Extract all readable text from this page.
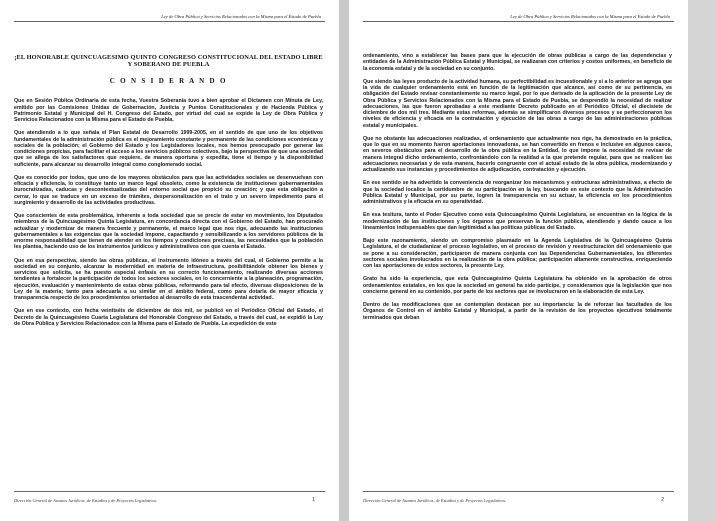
Ley de Obra Pública y Servicios Relacionados con la Misma para el Estado de Puebla

¡EL HONORABLE QUINCUAGESIMO QUINTO CONGRESO CONSTITUCIONAL DEL ESTADO LIBRE Y SOBERANO DE PUEBLA

C O N S I D E R A N D O

Que en Sesión Pública Ordinaria de esta fecha, Vuestra Soberanía tuvo a bien aprobar el Dictamen con Minuta de Ley, emitido por las Comisiones Unidas de Gobernación, Justicia y Puntos Constitucionales y de Hacienda Pública y Patrimonio Estatal y Municipal del H. Congreso del Estado, por virtud del cual se expide la Ley de Obra Pública y Servicios Relacionados con la Misma para el Estado de Puebla.

Que atendiendo a lo que señala el Plan Estatal de Desarrollo 1999-2005, en el sentido de que uno de los objetivos fundamentales de la administración pública es el mejoramiento constante y permanente de las condiciones económicas y sociales de la población; el Gobierno del Estado y los Legisladores locales, nos hemos preocupado por generar las condiciones propicias, para facilitar el acceso a los servicios públicos colectivos, bajo la perspectiva de que una sociedad que se allega de los satisfactores que requiere, de manera oportuna y expedita, tiene el tiempo y la disponibilidad suficiente, para alcanzar su desarrollo integral como conglomerado social.

Que es conocido por todos, que uno de los mayores obstáculos para que las actividades sociales se desenvuelvan con eficacia y eficiencia, lo constituye tanto un marco legal obsoleto, como la existencia de instituciones gubernamentales burocratizadas, caducas y descontextualizadas del entorno social que propició su creación; y que esta obligación a cerrar, lo que se traduce en un exceso de trámites, despersonalización en el trato y un severo impedimento para el surgimiento y desarrollo de las actividades productivas.

Que conscientes de esta problemática, inherente a toda sociedad que se precie de estar en movimiento, los Diputados miembros de la Quincuagésimo Quinta Legislatura, en concordancia directa con el Gobierno del Estado, han procurado actualizar y modernizar de manera frecuente y permanente, el marco legal que nos rige, adecuando las instituciones gubernamentales a las exigencias que la sociedad impone, capacitando y sensibilizando a los servidores públicos de la enorme responsabilidad que tienen de atender en los tiempos y condiciones precisas, las necesidades que la población les plantea, haciendo uso de los instrumentos jurídicos y administrativos con que cuenta el Estado.

Que en esa perspectiva, siendo las obras públicas, el instrumento idóneo a través del cual, el Gobierno permite a la sociedad en su conjunto, alcanzar la modernidad en materia de infraestructura, posibilitándole obtener los bienes y servicios que solicita, se ha puesto especial énfasis en su correcto funcionamiento, realizando diversas acciones tendientes a fortalecer la participación de todos los sectores sociales, en lo concerniente a la planeación, programación, ejecución, evaluación y mantenimiento de estas obras públicas, reformando para tal efecto, diversas disposiciones de la Ley de la materia; tanto para adecuarla a su similar en el ámbito federal, como para dotarla de mayor eficacia y transparencia respecto de los procedimientos orientados al desarrollo de esta trascendental actividad.

Que en ese contexto, con fecha veintiséis de diciembre de dos mil, se publicó en el Periódico Oficial del Estado, el Decreto de la Quincuagésimo Cuarta Legislatura del Honorable Congreso del Estado, a través del cual, se expidió la Ley de Obra Pública y Servicios Relacionados con la Misma para el Estado de Puebla. La expedición de este

Dirección General de Asuntos Jurídicos, de Estudios y de Proyectos Legislativos.	1
Ley de Obra Pública y Servicios Relacionados con la Misma para el Estado de Puebla

ordenamiento, vino a establecer las bases para que la ejecución de obras públicas a cargo de las dependencias y entidades de la Administración Pública Estatal y Municipal, se realizaran con criterios y costos uniformes, en beneficio de la economía estatal y de la sociedad en su conjunto.

Que siendo las leyes producto de la actividad humana, su perfectibilidad es incuestionable y si a lo anterior se agrega que la vida de cualquier ordenamiento está en función de la legitimación que alcance, así como de su pertinencia, es obligación del Estado revisar constantemente su marco legal, por lo que derivado de la aplicación de la presente Ley de Obra Pública y Servicios Relacionados con la Misma para el Estado de Puebla, se desprendió la necesidad de realizar adecuaciones, las que fueron aprobadas a este mediante Decreto publicado en el Periódico Oficial, el diecisiete de diciembre de dos mil tres. Mediante estas reformas, además se simplificaron diversos procesos y se perfeccionaron los niveles de eficiencia y eficacia en la contratación y ejecución de las obras a cargo de las administraciones públicas estatal y municipales.

Que no obstante las adecuaciones realizadas, el ordenamiento que actualmente nos rige, ha demostrado en la práctica, que lo que en su momento fueron aportaciones innovadoras, se han convertido en frenos e inclusive en algunos casos, en severos obstáculos para el desarrollo de la obra pública en la Entidad, lo que impone la necesidad de revisar de manera integral dicho ordenamiento, confrontándolo con la realidad a la que pretende regular, para que se realicen las adecuaciones necesarias y de esta manera, hacerlo congruente con el actual estado de la obra pública, modernizando y actualizando sus instancias y procedimientos de adjudicación, contratación y ejecución.

En ese sentido se ha advertido la conveniencia de reorganizar los mecanismos y estructuras administrativas, a efecto de que la sociedad localice la certidumbre de su participación en la ley, buscando en este contexto que la Administración Pública Estatal y Municipal, por su parte, logren la transparencia en su actuar, la eficiencia en los procedimientos administrativos y la eficacia en su operatividad.

En esa tesitura, tanto el Poder Ejecutivo como esta Quincuagésimo Quinta Legislatura, se encuentran en la lógica de la modernización de las instituciones y los órganos que preservan la función pública, atendiendo y dando cauce a los lineamientos indispensables que dan legitimidad a las políticas públicas del Estado.

Bajo este razonamiento, siendo un compromiso plasmado en la Agenda Legislativa de la Quincuagésimo Quinta Legislatura, el de ciudadanizar el proceso legislativo, en el proceso de revisión y reestructuración del ordenamiento que se pone a su consideración, participaron de manera conjunta con las Dependencias Gubernamentales, los diferentes sectores sociales involucrados en la realización de la obra pública; participación altamente constructiva, enriqueciendo con las aportaciones de estos sectores, la presente Ley.

Grato ha sido la experiencia, que esta Quincuagésimo Quinta Legislatura ha obtenido en la aprobación de otros ordenamientos estatales, en los que la sociedad en general ha sido partícipe, y consideramos que la legislación que nos concierne general en su contenido, por parte de los sectores que se involucraron en la elaboración de esta Ley.

Dentro de las modificaciones que se contemplan destacan por su importancia: la de reforzar las facultades de los Órganos de Control en el ámbito Estatal y Municipal, a partir de la revisión de los proyectos ejecutivos totalmente terminados que deban

Dirección General de Asuntos Jurídicos, de Estudios y de Proyectos Legislativos.	2
